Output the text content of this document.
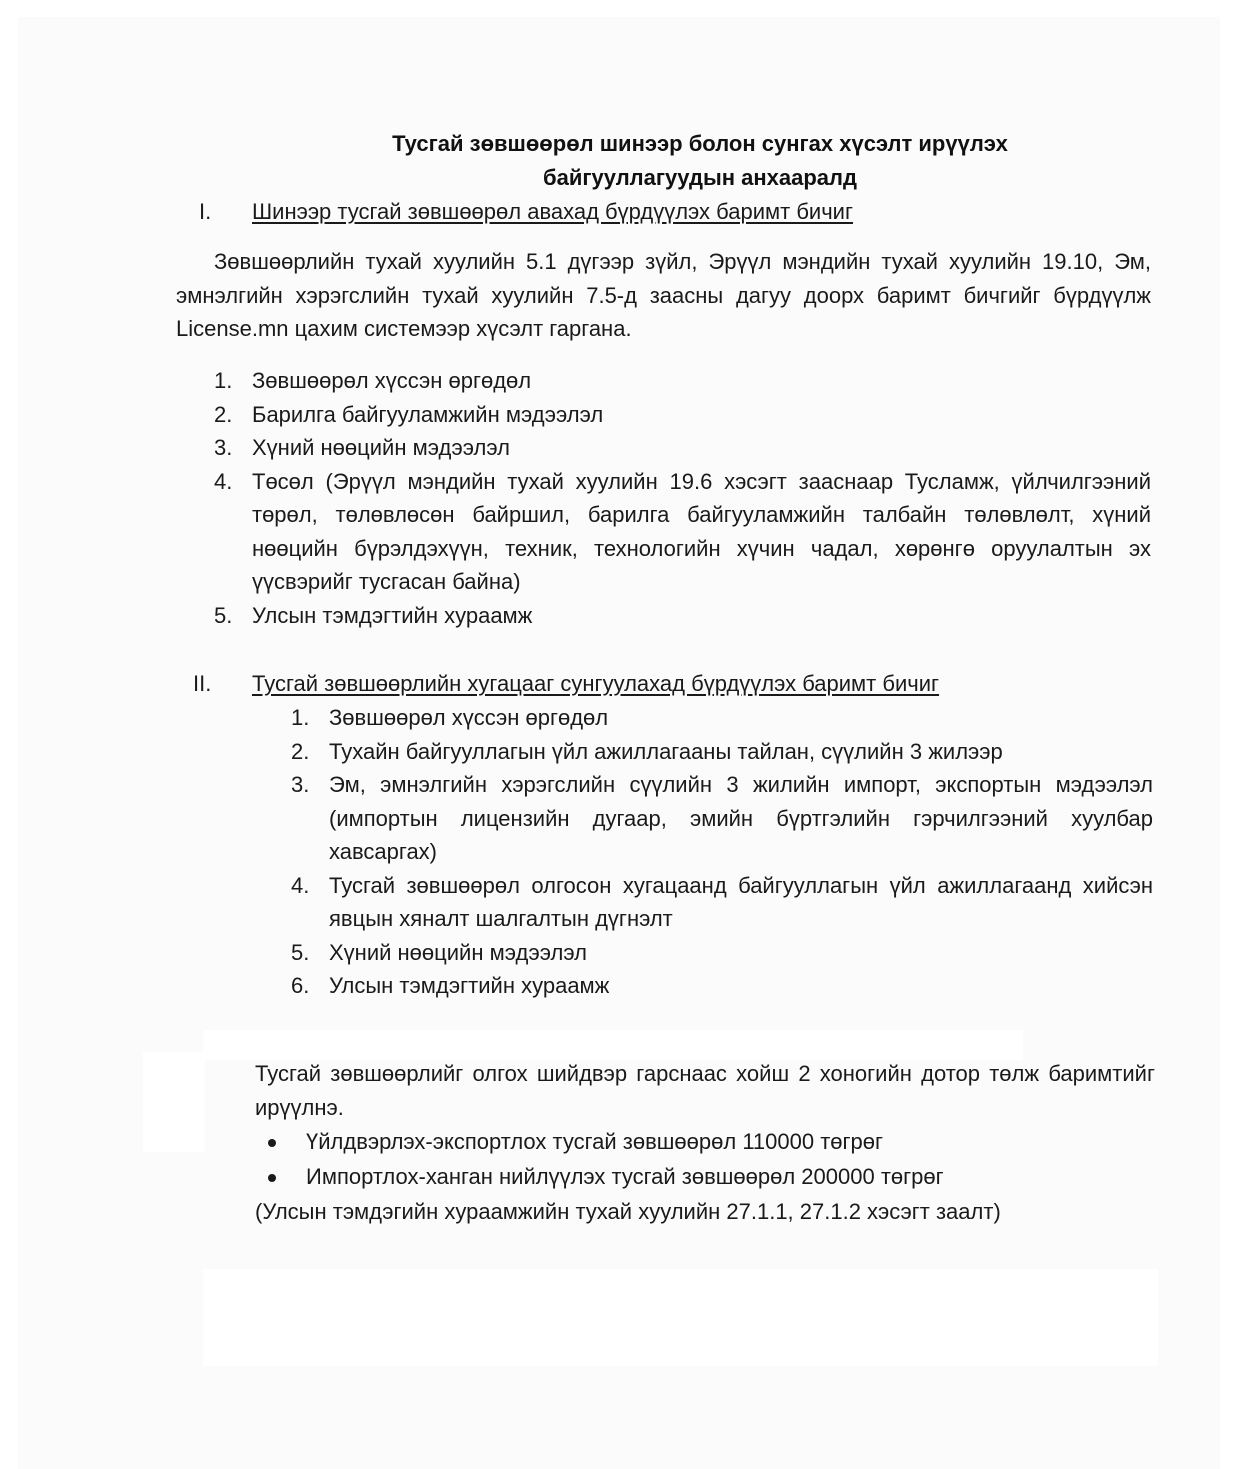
Тусгай зөвшөөрөл шинээр болон сунгах хүсэлт ирүүлэх
байгууллагуудын анхааралд
I. Шинээр тусгай зөвшөөрөл авахад бүрдүүлэх баримт бичиг
Зөвшөөрлийн тухай хуулийн 5.1 дүгээр зүйл, Эрүүл мэндийн тухай хуулийн 19.10, Эм, эмнэлгийн хэрэгслийн тухай хуулийн 7.5-д заасны дагуу доорх баримт бичгийг бүрдүүлж License.mn цахим системээр хүсэлт гаргана.
1. Зөвшөөрөл хүссэн өргөдөл
2. Барилга байгууламжийн мэдээлэл
3. Хүний нөөцийн мэдээлэл
4. Төсөл (Эрүүл мэндийн тухай хуулийн 19.6 хэсэгт зааснаар Тусламж, үйлчилгээний төрөл, төлөвлөсөн байршил, барилга байгууламжийн талбайн төлөвлөлт, хүний нөөцийн бүрэлдэхүүн, техник, технологийн хүчин чадал, хөрөнгө оруулалтын эх үүсвэрийг тусгасан байна)
5. Улсын тэмдэгтийн хураамж
II. Тусгай зөвшөөрлийн хугацааг сунгуулахад бүрдүүлэх баримт бичиг
1. Зөвшөөрөл хүссэн өргөдөл
2. Тухайн байгууллагын үйл ажиллагааны тайлан, сүүлийн 3 жилээр
3. Эм, эмнэлгийн хэрэгслийн сүүлийн 3 жилийн импорт, экспортын мэдээлэл (импортын лицензийн дугаар, эмийн бүртгэлийн гэрчилгээний хуулбар хавсаргах)
4. Тусгай зөвшөөрөл олгосон хугацаанд байгууллагын үйл ажиллагаанд хийсэн явцын хяналт шалгалтын дүгнэлт
5. Хүний нөөцийн мэдээлэл
6. Улсын тэмдэгтийн хураамж
Тусгай зөвшөөрлийг олгох шийдвэр гарснаас хойш 2 хоногийн дотор төлж баримтийг ирүүлнэ.
Үйлдвэрлэх-экспортлох тусгай зөвшөөрөл 110000 төгрөг
Импортлох-ханган нийлүүлэх тусгай зөвшөөрөл 200000 төгрөг
(Улсын тэмдэгийн хураамжийн тухай хуулийн 27.1.1, 27.1.2 хэсэгт заалт)
